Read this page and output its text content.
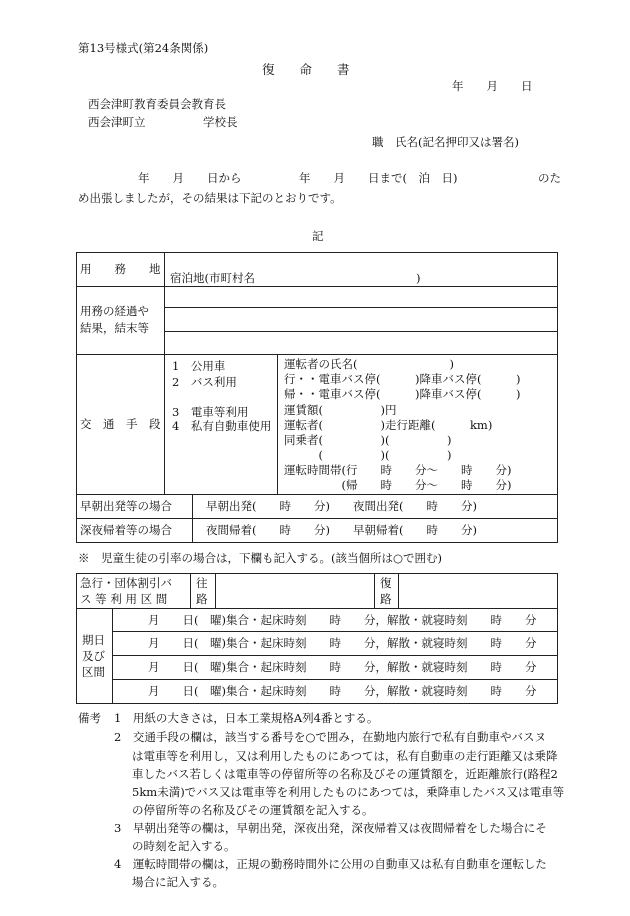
第13号様式(第24条関係)
復　　命　　書
年　　月　　日
西会津町教育委員会教育長
西会津町立　　　　　学校長
職　氏名(記名押印又は署名)
年　　月　　日から　　　　　年　　月　　日まで(　泊　日)　　　　　　　のた
め出張しましたが，その結果は下記のとおりです。
記
用　　務　　地
宿泊地(市町村名　　　　　　　　　　　　　　)
用務の経過や
結果，結末等
交　通　手　段
1　公用車
2　バス利用
3　電車等利用
4　私有自動車使用
運転者の氏名(　　　　　　　　)
行・・電車バス停(　　　)降車バス停(　　　)
帰・・電車バス停(　　　)降車バス停(　　　)
運賃額(　　　　　)円
運転者(　　　　　)走行距離(　　　km)
同乗者(　　　　　)(　　　　　)
　　　(　　　　　)(　　　　　)
運転時間帯(行　　時　　分～　　時　　分)
　　　　　(帰　　時　　分～　　時　　分)
早朝出発等の場合	早朝出発(　　時　　分)　　夜間出発(　　時　　分)
深夜帰着等の場合	夜間帰着(　　時　　分)　　早朝帰着(　　時　　分)
※　児童生徒の引率の場合は，下欄も記入する。(該当個所は○で囲む)
急行・団体割引バ
ス 等 利 用 区 間
往
路
復
路
期日
及び
区間
月　　日(　曜)集合・起床時刻　　時　　分，解散・就寝時刻　　時　　分
月　　日(　曜)集合・起床時刻　　時　　分，解散・就寝時刻　　時　　分
月　　日(　曜)集合・起床時刻　　時　　分，解散・就寝時刻　　時　　分
月　　日(　曜)集合・起床時刻　　時　　分，解散・就寝時刻　　時　　分
備考 1　用紙の大きさは，日本工業規格A列4番とする。
2　交通手段の欄は，該当する番号を○で囲み，在勤地内旅行で私有自動車やバスヌ
は電車等を利用し，又は利用したものにあつては，私有自動車の走行距離又は乗降
車したバス若しくは電車等の停留所等の名称及びその運賃額を，近距離旅行(路程2
5km未満)でバス又は電車等を利用したものにあつては，乗降車したバス又は電車等
の停留所等の名称及びその運賃額を記入する。
3　早朝出発等の欄は，早朝出発，深夜出発，深夜帰着又は夜間帰着をした場合にそ
の時刻を記入する。
4　運転時間帯の欄は，正規の勤務時間外に公用の自動車又は私有自動車を運転した
場合に記入する。
